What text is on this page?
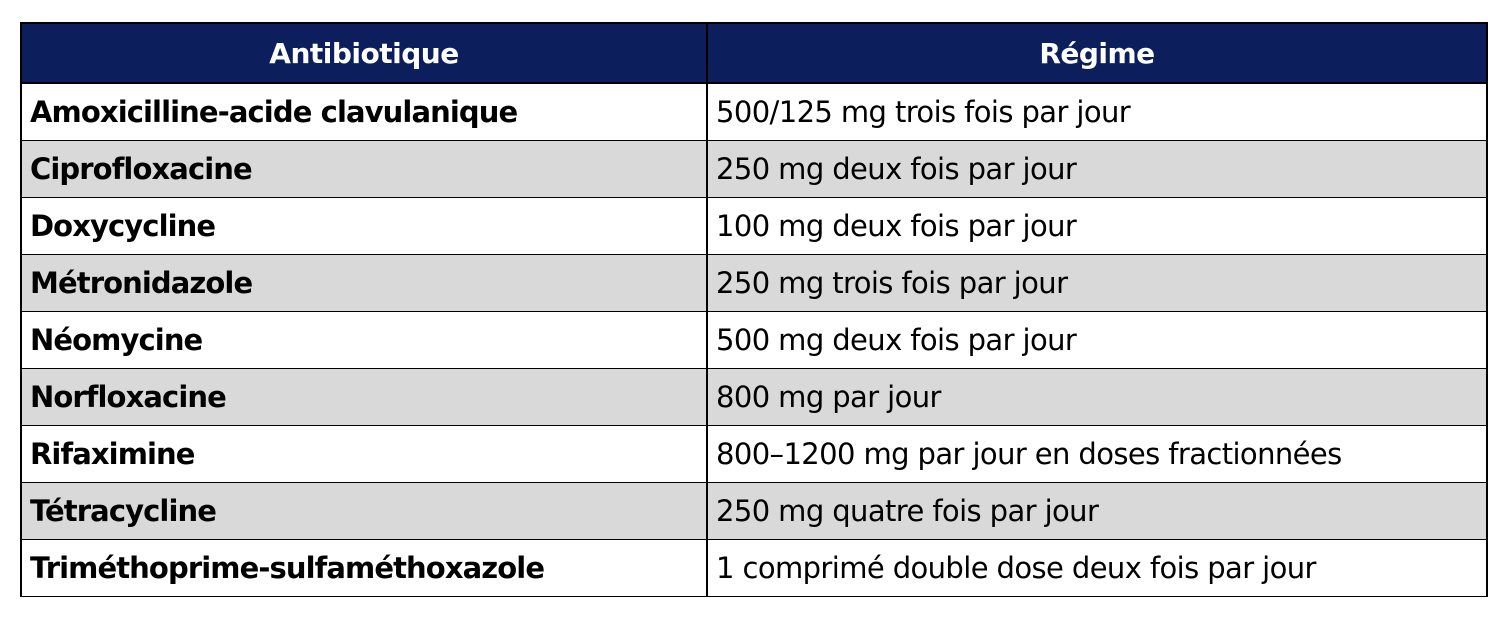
Antibiotique	Régime
Amoxicilline-acide clavulanique	500/125 mg trois fois par jour
Ciprofloxacine	250 mg deux fois par jour
Doxycycline	100 mg deux fois par jour
Métronidazole	250 mg trois fois par jour
Néomycine	500 mg deux fois par jour
Norfloxacine	800 mg par jour
Rifaximine	800–1200 mg par jour en doses fractionnées
Tétracycline	250 mg quatre fois par jour
Triméthoprime-sulfaméthoxazole	1 comprimé double dose deux fois par jour
